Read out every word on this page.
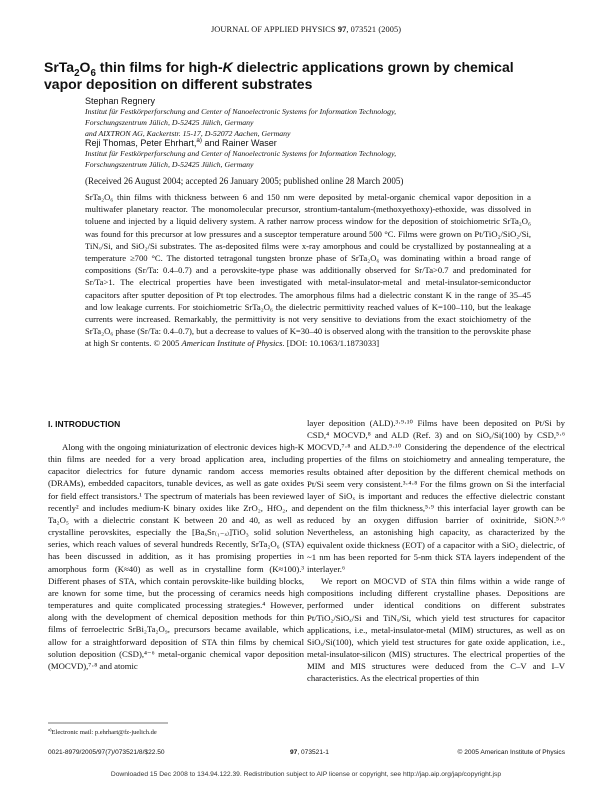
JOURNAL OF APPLIED PHYSICS 97, 073521 (2005)
$SrTa_2O_6$ thin films for high-K dielectric applications grown by chemical
vapor deposition on different substrates
Stephan Regnery
Institut für Festkörperforschung and Center of Nanoelectronic Systems for Information Technology,
Forschungszentrum Jülich, D-52425 Jülich, Germany
and AIXTRON AG, Kackertstr. 15-17, D-52072 Aachen, Germany
Reji Thomas, Peter Ehrhart,$^{a)}$ and Rainer Waser
Institut für Festkörperforschung and Center of Nanoelectronic Systems for Information Technology,
Forschungszentrum Jülich, D-52425 Jülich, Germany
(Received 26 August 2004; accepted 26 January 2005; published online 28 March 2005)
SrTa₂O₆ thin films with thickness between 6 and 150 nm were deposited by metal-organic chemical vapor deposition in a multiwafer planetary reactor. The monomolecular precursor, strontium-tantalum-(methoxyethoxy)-ethoxide, was dissolved in toluene and injected by a liquid delivery system. A rather narrow process window for the deposition of stoichiometric SrTa₂O₆ was found for this precursor at low pressures and a susceptor temperature around 500 °C. Films were grown on Pt/TiO₂/SiO₂/Si, TiNₓ/Si, and SiO₂/Si substrates. The as-deposited films were x-ray amorphous and could be crystallized by postannealing at a temperature ≥700 °C. The distorted tetragonal tungsten bronze phase of SrTa₂O₆ was dominating within a broad range of compositions (Sr/Ta: 0.4–0.7) and a perovskite-type phase was additionally observed for Sr/Ta>0.7 and predominated for Sr/Ta>1. The electrical properties have been investigated with metal-insulator-metal and metal-insulator-semiconductor capacitors after sputter deposition of Pt top electrodes. The amorphous films had a dielectric constant K in the range of 35–45 and low leakage currents. For stoichiometric SrTa₂O₆ the dielectric permittivity reached values of K=100–110, but the leakage currents were increased. Remarkably, the permittivity is not very sensitive to deviations from the exact stoichiometry of the SrTa₂O₆ phase (Sr/Ta: 0.4–0.7), but a decrease to values of K=30–40 is observed along with the transition to the perovskite phase at high Sr contents. © 2005 American Institute of Physics. [DOI: 10.1063/1.1873033]
I. INTRODUCTION

Along with the ongoing miniaturization of electronic devices high-K thin films are needed for a very broad application area, including capacitor dielectrics for future dynamic random access memories (DRAMs), embedded capacitors, tunable devices, as well as gate oxides for field effect transistors.¹ The spectrum of materials has been reviewed recently² and includes medium-K binary oxides like ZrO₂, HfO₂, and Ta₂O₅ with a dielectric constant K between 20 and 40, as well as crystalline perovskites, especially the [BaₓSr₍₁₋ₓ₎]TiO₃ solid solution series, which reach values of several hundreds Recently, SrTa₂O₆ (STA) has been discussed in addition, as it has promising properties in amorphous form (K≈40) as well as in crystalline form (K≈100).³ Different phases of STA, which contain perovskite-like building blocks, are known for some time, but the processing of ceramics needs high temperatures and quite complicated processing strategies.⁴ However, along with the development of chemical deposition methods for thin films of ferroelectric SrBi₂Ta₂O₉, precursors became available, which allow for a straightforward deposition of STA thin films by chemical solution deposition (CSD),⁴⁻⁶ metal-organic chemical vapor deposition (MOCVD),⁷·⁸ and atomic

layer deposition (ALD).³·⁹·¹⁰ Films have been deposited on Pt/Si by CSD,⁴ MOCVD,⁸ and ALD (Ref. 3) and on SiOₓ/Si(100) by CSD,⁵·⁶ MOCVD,⁷·⁸ and ALD.⁹·¹⁰ Considering the dependence of the electrical properties of the films on stoichiometry and annealing temperature, the results obtained after deposition by the different chemical methods on Pt/Si seem very consistent.³·⁴·⁸ For the films grown on Si the interfacial layer of SiOₓ is important and reduces the effective dielectric constant dependent on the film thickness,⁵·⁹ this interfacial layer growth can be reduced by an oxygen diffusion barrier of oxinitride, SiON.⁵·⁶ Nevertheless, an astonishing high capacity, as characterized by the equivalent oxide thickness (EOT) of a capacitor with a SiO₂ dielectric, of ~1 nm has been reported for 5-nm thick STA layers independent of the interlayer.⁶

We report on MOCVD of STA thin films within a wide range of compositions including different crystalline phases. Depositions are performed under identical conditions on different substrates Pt/TiO₂/SiOₓ/Si and TiNₓ/Si, which yield test structures for capacitor applications, i.e., metal-insulator-metal (MIM) structures, as well as on SiOₓ/Si(100), which yield test structures for gate oxide application, i.e., metal-insulator-silicon (MIS) structures. The electrical properties of the MIM and MIS structures were deduced from the C–V and I–V characteristics. As the electrical properties of thin

$^{a)}$Electronic mail: p.ehrhart@fz-juelich.de
0021-8979/2005/97(7)/073521/8/$22.50	97, 073521-1	© 2005 American Institute of Physics
Downloaded 15 Dec 2008 to 134.94.122.39. Redistribution subject to AIP license or copyright, see http://jap.aip.org/jap/copyright.jsp
